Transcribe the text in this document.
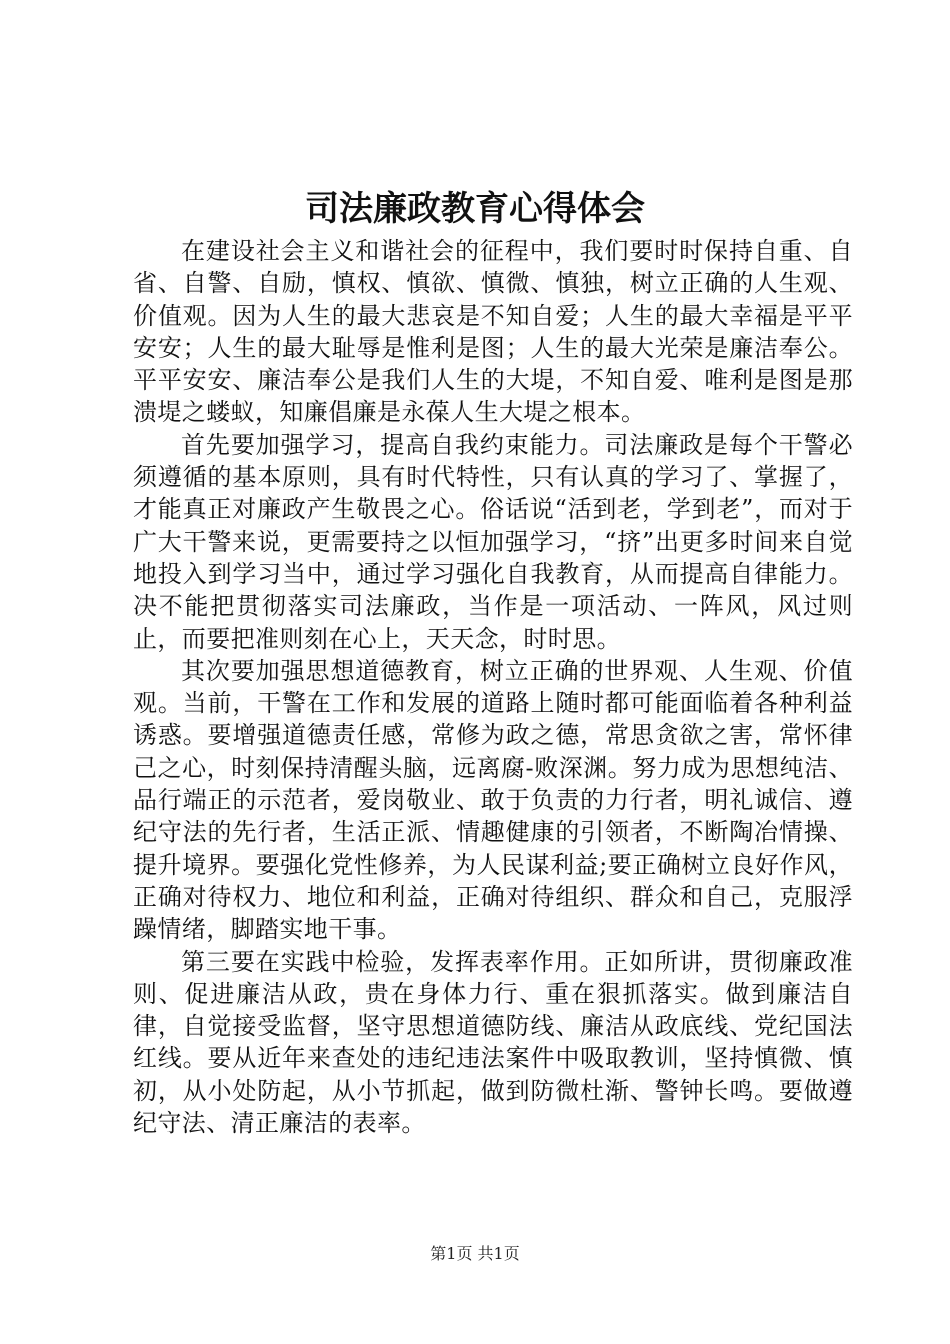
司法廉政教育心得体会

在建设社会主义和谐社会的征程中，我们要时时保持自重、自省、自警、自励，慎权、慎欲、慎微、慎独，树立正确的人生观、价值观。因为人生的最大悲哀是不知自爱；人生的最大幸福是平平安安；人生的最大耻辱是惟利是图；人生的最大光荣是廉洁奉公。平平安安、廉洁奉公是我们人生的大堤，不知自爱、唯利是图是那溃堤之蝼蚁，知廉倡廉是永葆人生大堤之根本。

首先要加强学习，提高自我约束能力。司法廉政是每个干警必须遵循的基本原则，具有时代特性，只有认真的学习了、掌握了，才能真正对廉政产生敬畏之心。俗话说“活到老，学到老”，而对于广大干警来说，更需要持之以恒加强学习，“挤”出更多时间来自觉地投入到学习当中，通过学习强化自我教育，从而提高自律能力。决不能把贯彻落实司法廉政，当作是一项活动、一阵风，风过则止，而要把准则刻在心上，天天念，时时思。

其次要加强思想道德教育，树立正确的世界观、人生观、价值观。当前，干警在工作和发展的道路上随时都可能面临着各种利益诱惑。要增强道德责任感，常修为政之德，常思贪欲之害，常怀律己之心，时刻保持清醒头脑，远离腐-败深渊。努力成为思想纯洁、品行端正的示范者，爱岗敬业、敢于负责的力行者，明礼诚信、遵纪守法的先行者，生活正派、情趣健康的引领者，不断陶冶情操、提升境界。要强化党性修养，为人民谋利益;要正确树立良好作风，正确对待权力、地位和利益，正确对待组织、群众和自己，克服浮躁情绪，脚踏实地干事。

第三要在实践中检验，发挥表率作用。正如所讲，贯彻廉政准则、促进廉洁从政，贵在身体力行、重在狠抓落实。做到廉洁自律，自觉接受监督，坚守思想道德防线、廉洁从政底线、党纪国法红线。要从近年来查处的违纪违法案件中吸取教训，坚持慎微、慎初，从小处防起，从小节抓起，做到防微杜渐、警钟长鸣。要做遵纪守法、清正廉洁的表率。

第1页 共1页
